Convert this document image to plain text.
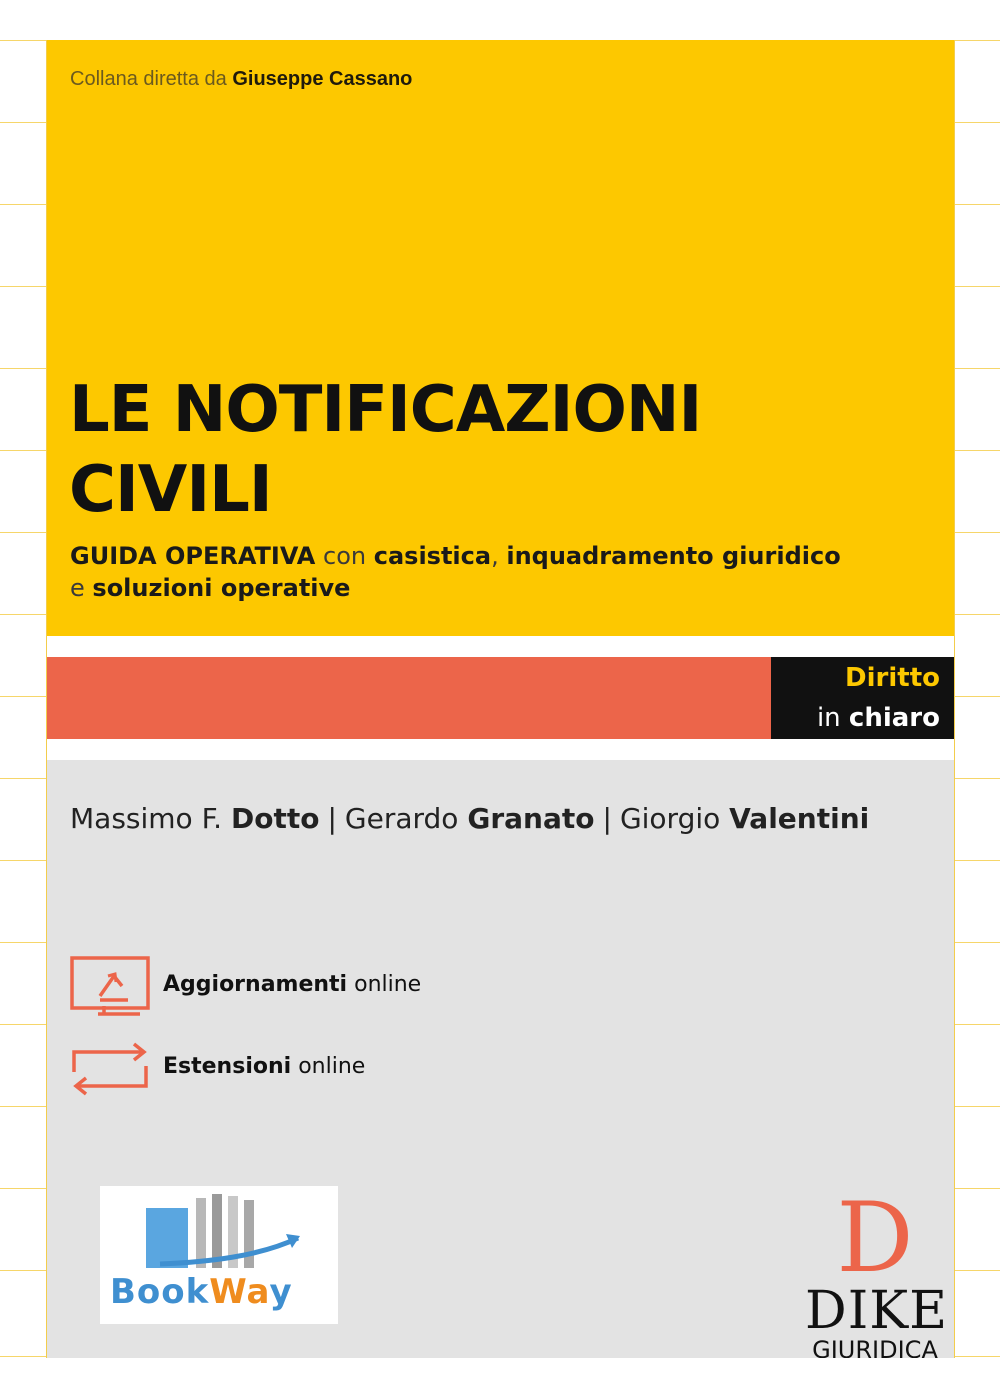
Collana diretta da Giuseppe Cassano
LE NOTIFICAZIONI
CIVILI
GUIDA OPERATIVA con casistica, inquadramento giuridico
e soluzioni operative
Diritto
in chiaro
Massimo F. Dotto | Gerardo Granato | Giorgio Valentini
Aggiornamenti online
Estensioni online
BookWay	D
DIKE
GIURIDICA
